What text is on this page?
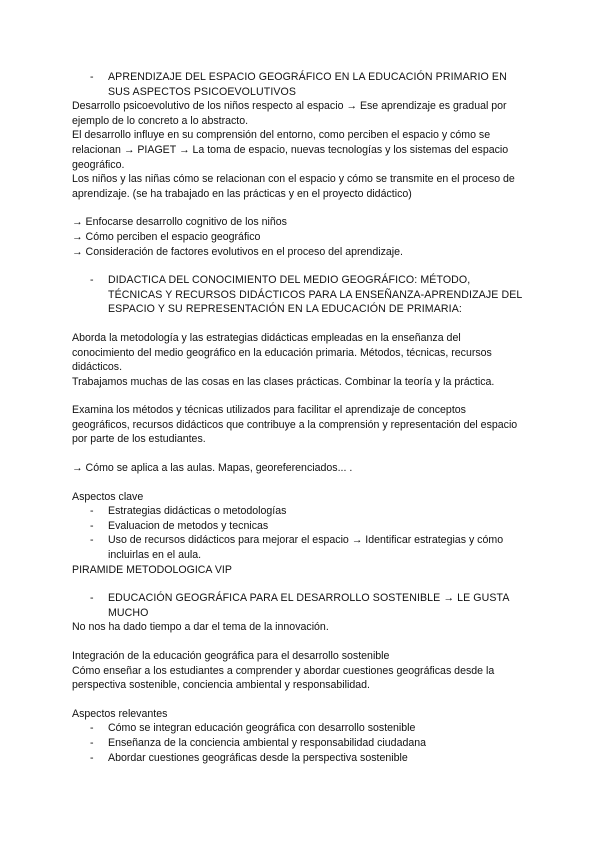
- APRENDIZAJE DEL ESPACIO GEOGRÁFICO EN LA EDUCACIÓN PRIMARIO EN SUS ASPECTOS PSICOEVOLUTIVOS

Desarrollo psicoevolutivo de los niños respecto al espacio → Ese aprendizaje es gradual por ejemplo de lo concreto a lo abstracto.

El desarrollo influye en su comprensión del entorno, como perciben el espacio y cómo se relacionan → PIAGET → La toma de espacio, nuevas tecnologías y los sistemas del espacio geográfico.

Los niños y las niñas cómo se relacionan con el espacio y cómo se transmite en el proceso de aprendizaje. (se ha trabajado en las prácticas y en el proyecto didáctico)

→ Enfocarse desarrollo cognitivo de los niños

→ Cómo perciben el espacio geográfico

→ Consideración de factores evolutivos en el proceso del aprendizaje.

- DIDACTICA DEL CONOCIMIENTO DEL MEDIO GEOGRÁFICO: MÉTODO, TÉCNICAS Y RECURSOS DIDÁCTICOS PARA LA ENSEÑANZA-APRENDIZAJE DEL ESPACIO Y SU REPRESENTACIÓN EN LA EDUCACIÓN DE PRIMARIA:

Aborda la metodología y las estrategias didácticas empleadas en la enseñanza del conocimiento del medio geográfico en la educación primaria. Métodos, técnicas, recursos didácticos.

Trabajamos muchas de las cosas en las clases prácticas. Combinar la teoría y la práctica.

Examina los métodos y técnicas utilizados para facilitar el aprendizaje de conceptos geográficos, recursos didácticos que contribuye a la comprensión y representación del espacio por parte de los estudiantes.

→ Cómo se aplica a las aulas. Mapas, georeferenciados... .

Aspectos clave

- Estrategias didácticas o metodologías
- Evaluacion de metodos y tecnicas
- Uso de recursos didácticos para mejorar el espacio → Identificar estrategias y cómo incluirlas en el aula.

PIRAMIDE METODOLOGICA VIP

- EDUCACIÓN GEOGRÁFICA PARA EL DESARROLLO SOSTENIBLE → LE GUSTA MUCHO

No nos ha dado tiempo a dar el tema de la innovación.

Integración de la educación geográfica para el desarrollo sostenible

Cómo enseñar a los estudiantes a comprender y abordar cuestiones geográficas desde la perspectiva sostenible, conciencia ambiental y responsabilidad.

Aspectos relevantes

- Cómo se integran educación geográfica con desarrollo sostenible
- Enseñanza de la conciencia ambiental y responsabilidad ciudadana
- Abordar cuestiones geográficas desde la perspectiva sostenible
